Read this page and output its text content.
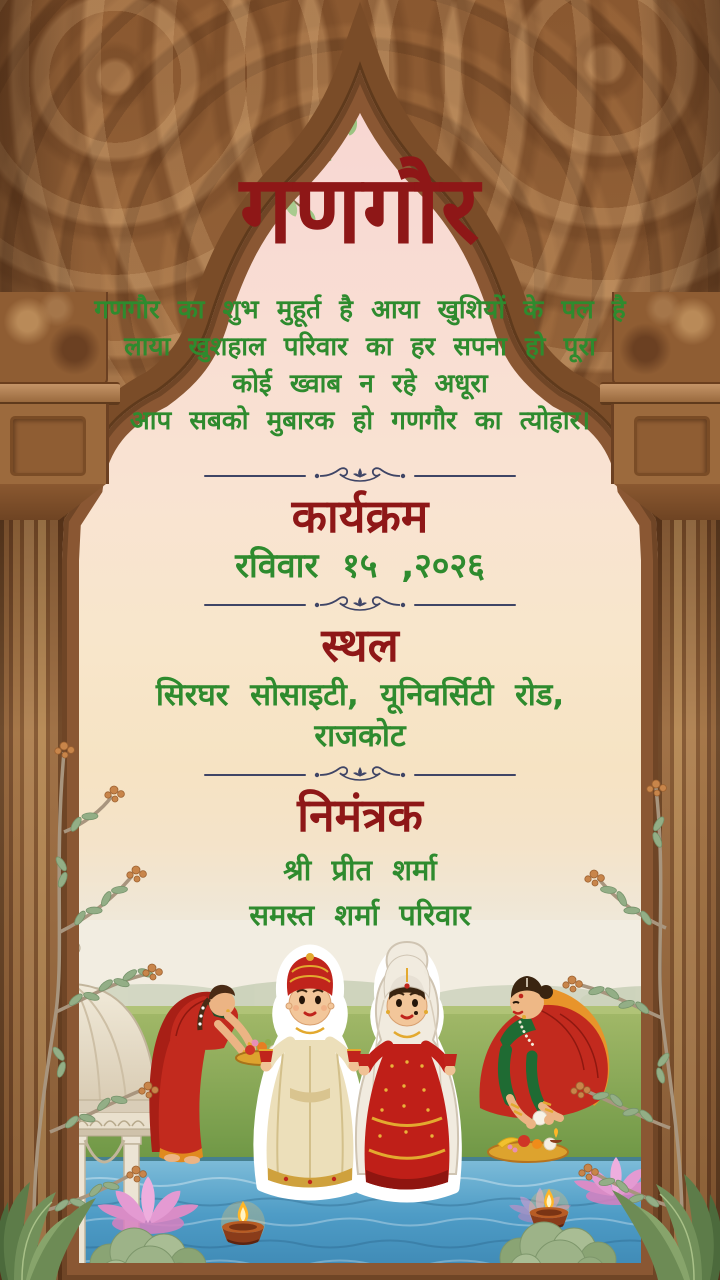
गणगौर

गणगौर का शुभ मुहूर्त है आया खुशियों के पल है

लाया खुशहाल परिवार का हर सपना हो पूरा

कोई ख्वाब न रहे अधूरा

आप सबको मुबारक हो गणगौर का त्योहार।

कार्यक्रम

रविवार १५ ,२०२६

स्थल

सिरघर सोसाइटी, यूनिवर्सिटी रोड,

राजकोट

निमंत्रक

श्री प्रीत शर्मा

समस्त शर्मा परिवार
